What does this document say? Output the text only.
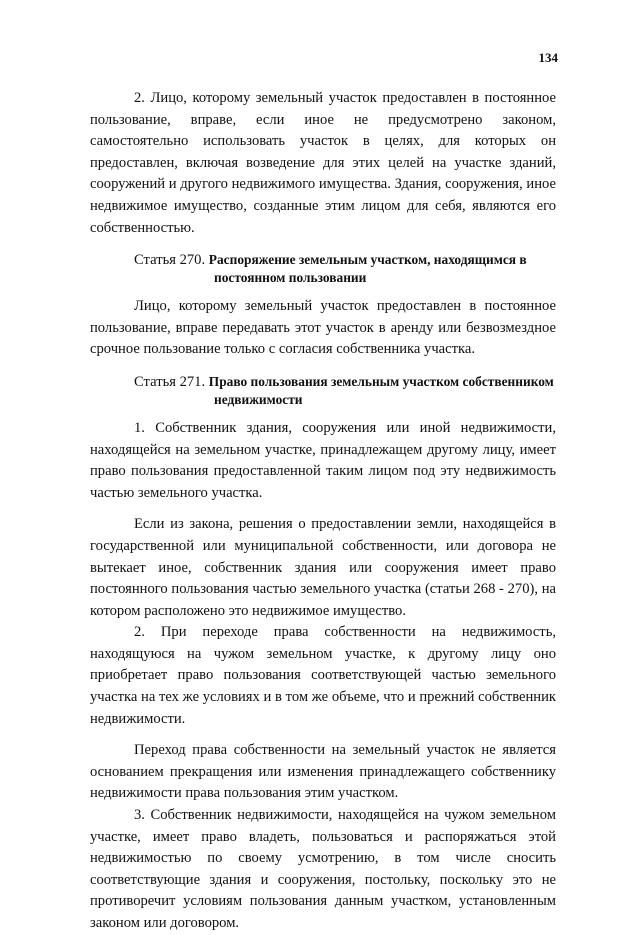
134

2. Лицо, которому земельный участок предоставлен в постоянное пользование, вправе, если иное не предусмотрено законом, самостоятельно использовать участок в целях, для которых он предоставлен, включая возведение для этих целей на участке зданий, сооружений и другого недвижимого имущества. Здания, сооружения, иное недвижимое имущество, созданные этим лицом для себя, являются его собственностью.

Статья 270. Распоряжение земельным участком, находящимся в
постоянном пользовании

Лицо, которому земельный участок предоставлен в постоянное пользование, вправе передавать этот участок в аренду или безвозмездное срочное пользование только с согласия собственника участка.

Статья 271. Право пользования земельным участком собственником
недвижимости

1. Собственник здания, сооружения или иной недвижимости, находящейся на земельном участке, принадлежащем другому лицу, имеет право пользования предоставленной таким лицом под эту недвижимость частью земельного участка.

Если из закона, решения о предоставлении земли, находящейся в государственной или муниципальной собственности, или договора не вытекает иное, собственник здания или сооружения имеет право постоянного пользования частью земельного участка (статьи 268 - 270), на котором расположено это недвижимое имущество.

2. При переходе права собственности на недвижимость, находящуюся на чужом земельном участке, к другому лицу оно приобретает право пользования соответствующей частью земельного участка на тех же условиях и в том же объеме, что и прежний собственник недвижимости.

Переход права собственности на земельный участок не является основанием прекращения или изменения принадлежащего собственнику недвижимости права пользования этим участком.

3. Собственник недвижимости, находящейся на чужом земельном участке, имеет право владеть, пользоваться и распоряжаться этой недвижимостью по своему усмотрению, в том числе сносить соответствующие здания и сооружения, постольку, поскольку это не противоречит условиям пользования данным участком, установленным законом или договором.
